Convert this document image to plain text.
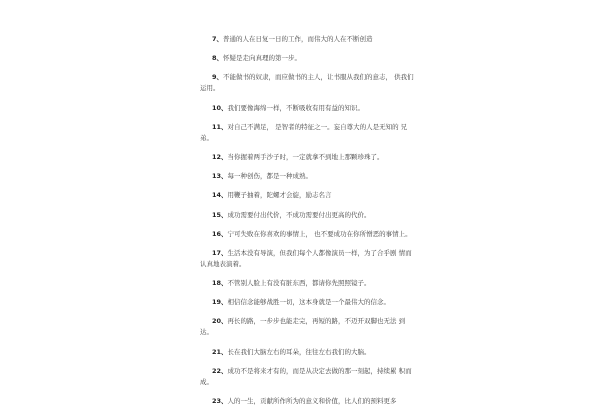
7、普通的人在日复一日的工作，而伟大的人在不断创造

8、怀疑是走向真理的第一步。

9、不能做书的奴隶，而应做书的主人，让书服从我们的意志， 供我们运用。

10、我们要像海绵一样，不断吸收有用有益的知识。

11、对自己不满足， 是智者的特征之一。妄自尊大的人是无知的 兄弟。

12、当你握着两手沙子时，一定就拿不到地上那颗珍珠了。

13、每一种创伤，都是一种成熟。

14、用鞭子抽着，陀螺才会旋，励志名言

15、成功需要付出代价，不成功需要付出更高的代价。

16、宁可失败在你喜欢的事情上， 也不要成功在你所憎恶的事情上。

17、生活本没有导演，但我们每个人都像演员一样，为了合乎剧 情而认真地表演着。

18、不管别人脸上有没有脏东西，都请你先照照镜子。

19、相信信念能够战胜一切，这本身就是一个最伟大的信念。

20、再长的路，一步步也能走完，再短的路，不迈开双脚也无法 到达。

21、长在我们大脑左右的耳朵，往往左右我们的大脑。

22、成功不是将来才有的，而是从决定去做的那一刻起，持续累 积而成。

23、人的一生，贡献所作所为的意义和价值，比人们的预料更多
